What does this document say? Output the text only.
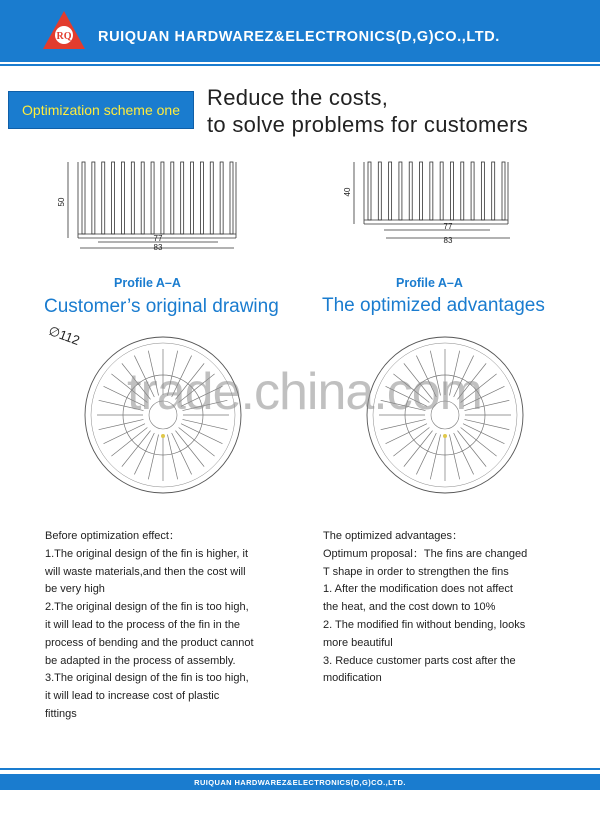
RQ RUIQUAN HARDWAREZ&ELECTRONICS(D,G)CO.,LTD.
Optimization scheme one	Reduce the costs,
to solve problems for customers
50
77
83
40
77
83
Profile A–A	Profile A–A
Customer’s original drawing The optimized advantages
∅112
trade.china.com
Before optimization effect：
1.The original design of the fin is higher, it
will waste materials,and then the cost will
be very high
2.The original design of the fin is too high,
it will lead to the process of the fin in the
process of bending and the product cannot
be adapted in the process of assembly.
3.The original design of the fin is too high,
it will lead to increase cost of plastic
fittings
The optimized advantages：
Optimum proposal：The fins are changed
T shape in order to strengthen the fins
1. After the modification does not affect
the heat, and the cost down to 10%
2. The modified fin without bending, looks
more beautiful
3. Reduce customer parts cost after the
modification
RUIQUAN HARDWAREZ&ELECTRONICS(D,G)CO.,LTD.
